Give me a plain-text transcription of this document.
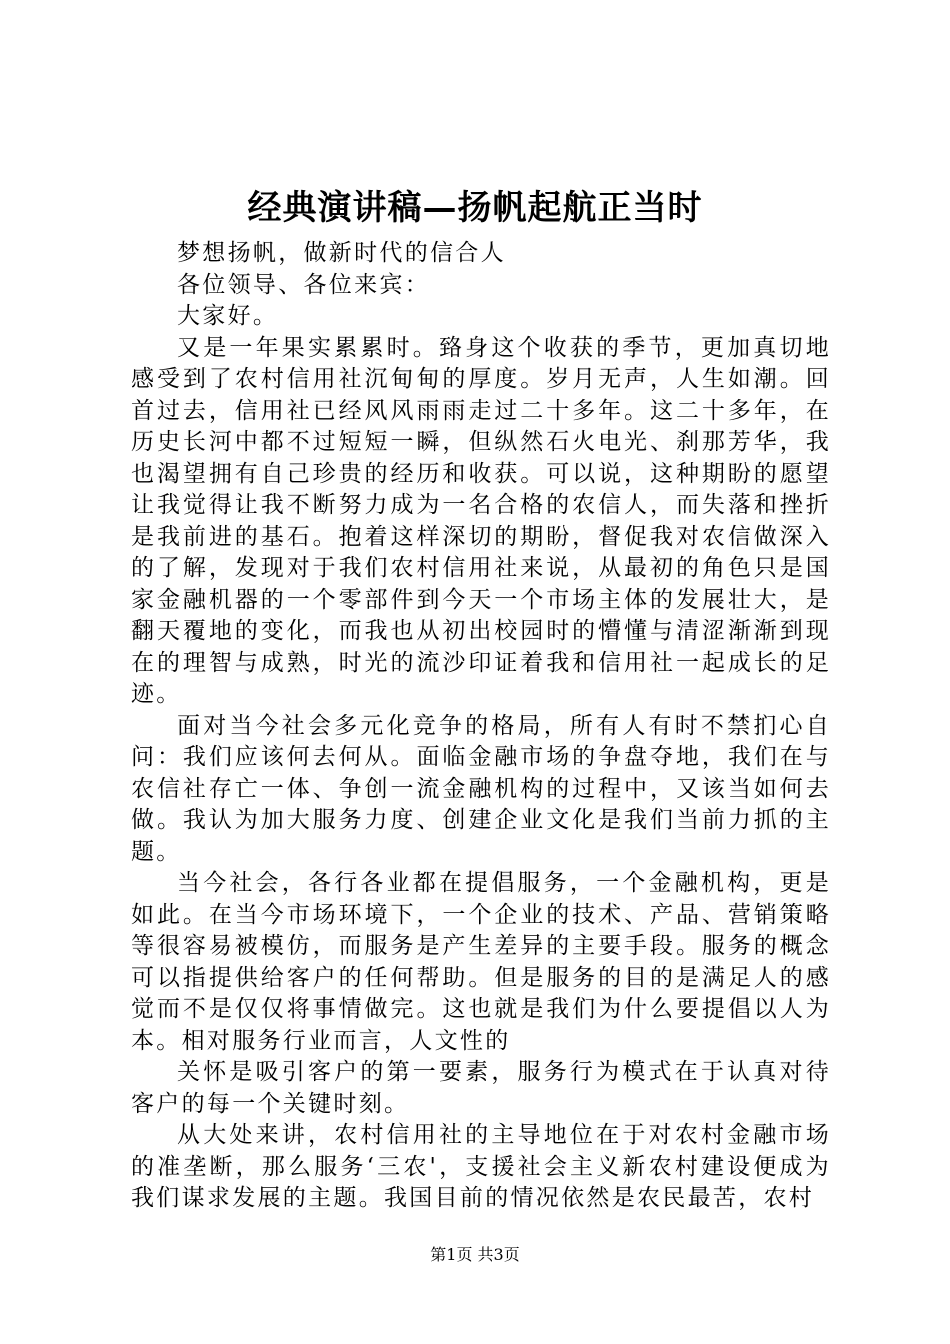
经典演讲稿—扬帆起航正当时

梦想扬帆，做新时代的信合人

各位领导、各位来宾：

大家好。

又是一年果实累累时。臵身这个收获的季节，更加真切地感受到了农村信用社沉甸甸的厚度。岁月无声，人生如潮。回首过去，信用社已经风风雨雨走过二十多年。这二十多年，在历史长河中都不过短短一瞬，但纵然石火电光、刹那芳华，我也渴望拥有自己珍贵的经历和收获。可以说，这种期盼的愿望让我觉得让我不断努力成为一名合格的农信人，而失落和挫折是我前进的基石。抱着这样深切的期盼，督促我对农信做深入的了解，发现对于我们农村信用社来说，从最初的角色只是国家金融机器的一个零部件到今天一个市场主体的发展壮大，是翻天覆地的变化，而我也从初出校园时的懵懂与清涩渐渐到现在的理智与成熟，时光的流沙印证着我和信用社一起成长的足迹。

面对当今社会多元化竞争的格局，所有人有时不禁扪心自问：我们应该何去何从。面临金融市场的争盘夺地，我们在与农信社存亡一体、争创一流金融机构的过程中，又该当如何去做。我认为加大服务力度、创建企业文化是我们当前力抓的主题。

当今社会，各行各业都在提倡服务，一个金融机构，更是如此。在当今市场环境下，一个企业的技术、产品、营销策略等很容易被模仿，而服务是产生差异的主要手段。服务的概念可以指提供给客户的任何帮助。但是服务的目的是满足人的感觉而不是仅仅将事情做完。这也就是我们为什么要提倡以人为本。相对服务行业而言，人文性的

关怀是吸引客户的第一要素，服务行为模式在于认真对待客户的每一个关键时刻。

从大处来讲，农村信用社的主导地位在于对农村金融市场的准垄断，那么服务‘三农'，支援社会主义新农村建设便成为我们谋求发展的主题。我国目前的情况依然是农民最苦，农村

第1页 共3页
